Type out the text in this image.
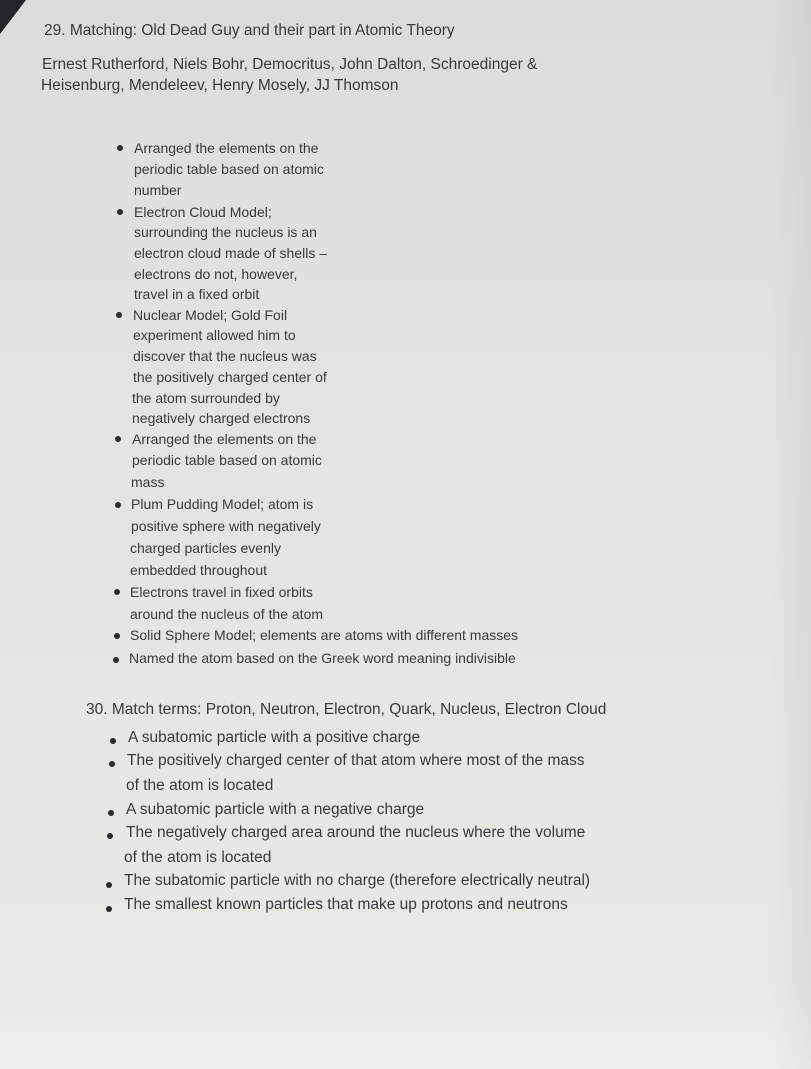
29. Matching: Old Dead Guy and their part in Atomic Theory
Ernest Rutherford, Niels Bohr, Democritus, John Dalton, Schroedinger &
Heisenburg, Mendeleev, Henry Mosely, JJ Thomson
Arranged the elements on the
periodic table based on atomic
number
Electron Cloud Model;
surrounding the nucleus is an
electron cloud made of shells –
electrons do not, however,
travel in a fixed orbit
Nuclear Model; Gold Foil
experiment allowed him to
discover that the nucleus was
the positively charged center of
the atom surrounded by
negatively charged electrons
Arranged the elements on the
periodic table based on atomic
mass
Plum Pudding Model; atom is
positive sphere with negatively
charged particles evenly
embedded throughout
Electrons travel in fixed orbits
around the nucleus of the atom
Solid Sphere Model; elements are atoms with different masses
Named the atom based on the Greek word meaning indivisible
30. Match terms: Proton, Neutron, Electron, Quark, Nucleus, Electron Cloud
A subatomic particle with a positive charge
The positively charged center of that atom where most of the mass
of the atom is located
A subatomic particle with a negative charge
The negatively charged area around the nucleus where the volume
of the atom is located
The subatomic particle with no charge (therefore electrically neutral)
The smallest known particles that make up protons and neutrons
